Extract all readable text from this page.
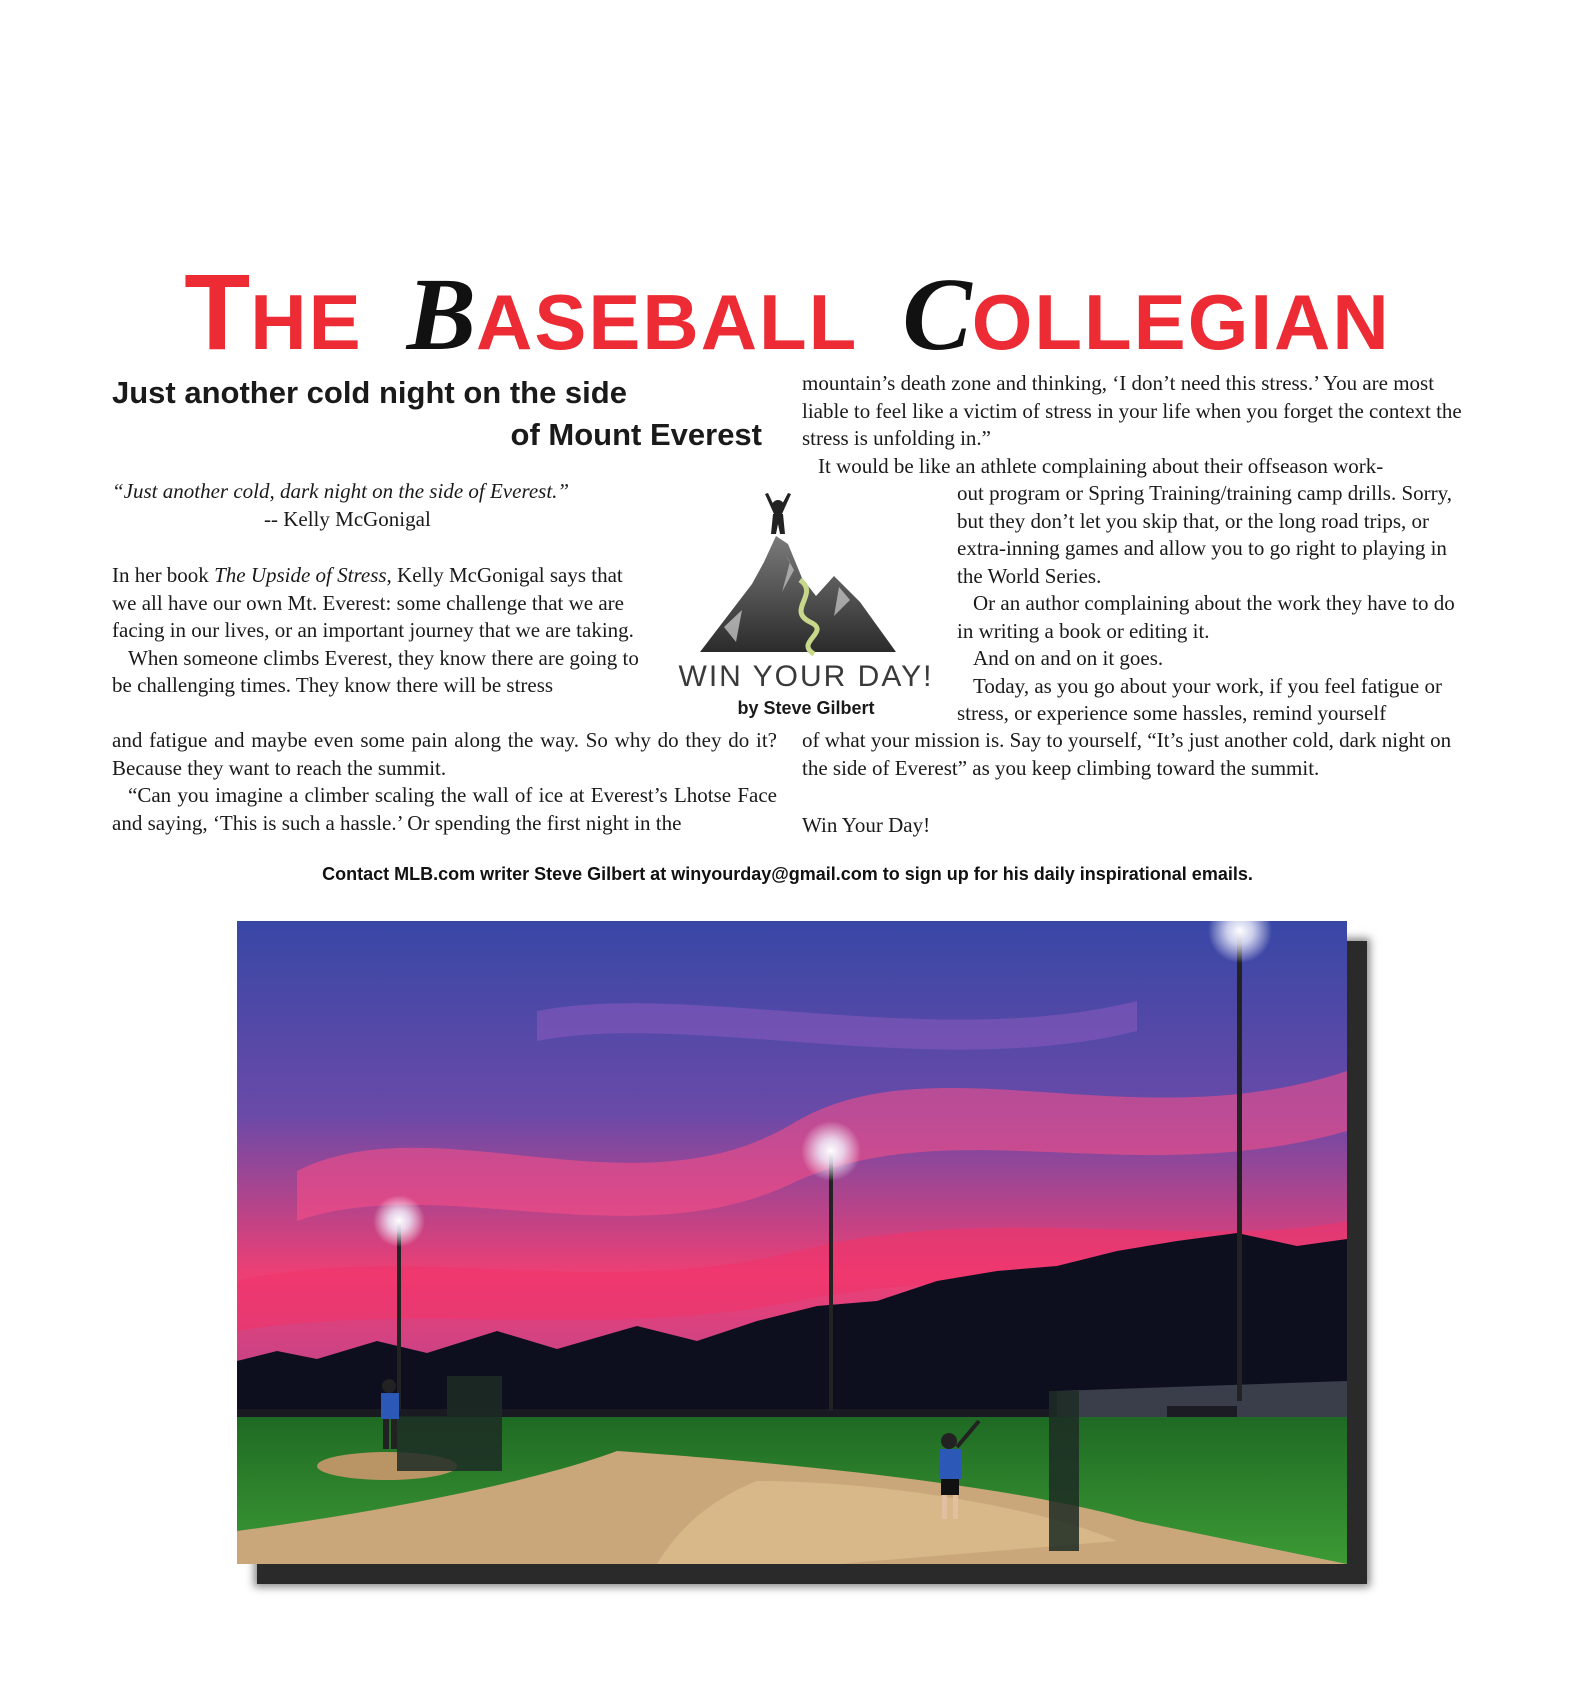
THE BASEBALL COLLEGIAN
Just another cold night on the side
of Mount Everest

“Just another cold, dark night on the side of Everest.”

-- Kelly McGonigal

In her book The Upside of Stress, Kelly McGonigal says that we all have our own Mt. Everest: some challenge that we are facing in our lives, or an important journey that we are taking.

When someone climbs Everest, they know there are going to be challenging times. They know there will be stress

and fatigue and maybe even some pain along the way. So why do they do it? Because they want to reach the summit.

“Can you imagine a climber scaling the wall of ice at Everest’s Lhotse Face and saying, ‘This is such a hassle.’ Or spending the first night in the

WIN YOUR DAY!
by Steve Gilbert

mountain’s death zone and thinking, ‘I don’t need this stress.’ You are most liable to feel like a victim of stress in your life when you forget the context the stress is unfolding in.”

It would be like an athlete complaining about their offseason work-

out program or Spring Training/training camp drills. Sorry, but they don’t let you skip that, or the long road trips, or extra-inning games and allow you to go right to playing in the World Series.

Or an author complaining about the work they have to do in writing a book or editing it.

And on and on it goes.

Today, as you go about your work, if you feel fatigue or stress, or experience some hassles, remind yourself

of what your mission is. Say to yourself, “It’s just another cold, dark night on the side of Everest” as you keep climbing toward the summit.

Win Your Day!
Contact MLB.com writer Steve Gilbert at winyourday@gmail.com to sign up for his daily inspirational emails.
